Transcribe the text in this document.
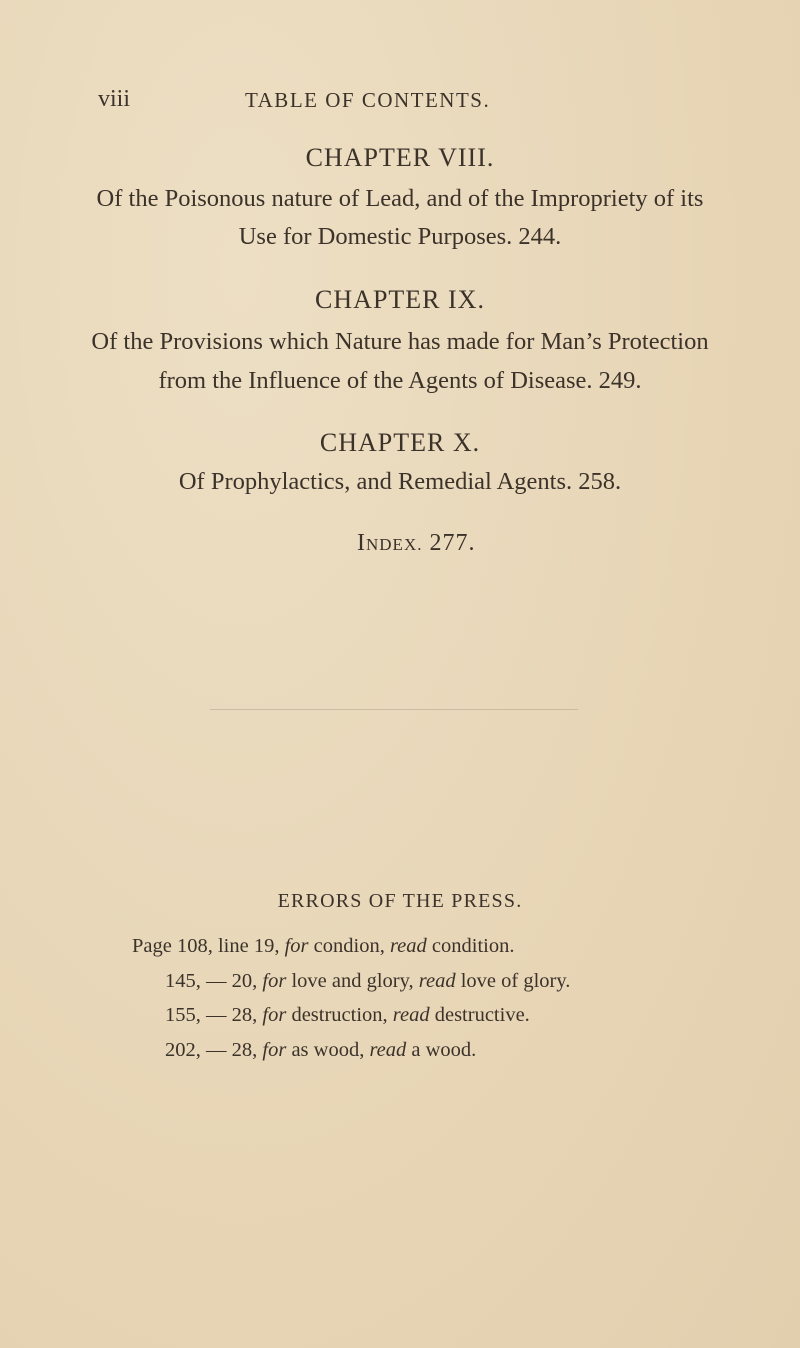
viii	TABLE OF CONTENTS.
CHAPTER VIII.
Of the Poisonous nature of Lead, and of the Impropriety of its
Use for Domestic Purposes. 244.
CHAPTER IX.
Of the Provisions which Nature has made for Man’s Protection
from the Influence of the Agents of Disease. 249.
CHAPTER X.
Of Prophylactics, and Remedial Agents. 258.
INDEX. 277.
ERRORS OF THE PRESS.
Page 108, line 19, for condion, read condition.
145, — 20, for love and glory, read love of glory.
155, — 28, for destruction, read destructive.
202, — 28, for as wood, read a wood.
